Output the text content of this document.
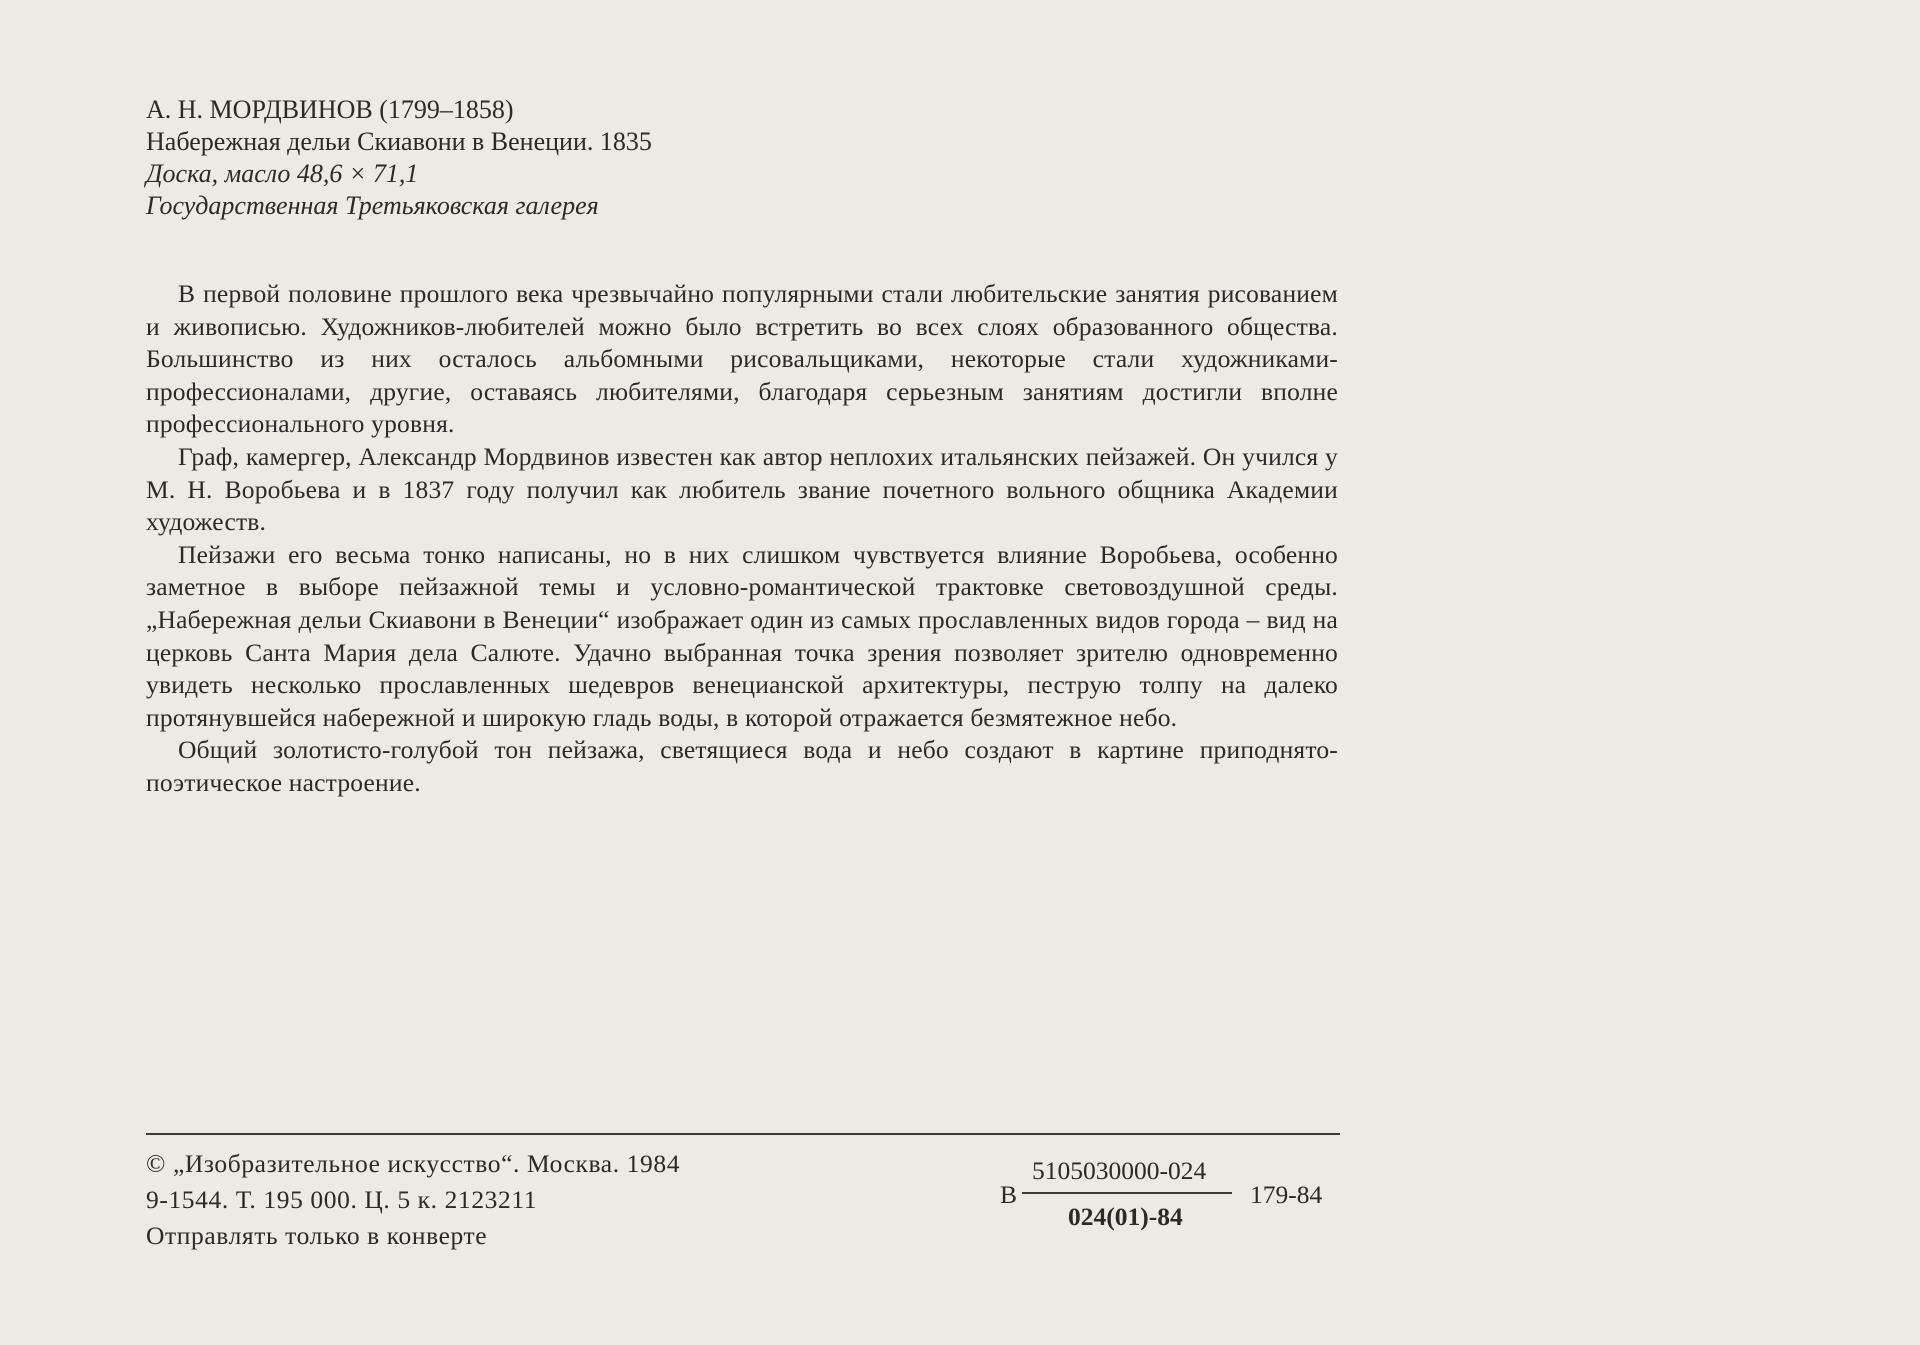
А. Н. МОРДВИНОВ (1799–1858)
Набережная дельи Скиавони в Венеции. 1835
Доска, масло 48,6 × 71,1
Государственная Третьяковская галерея

В первой половине прошлого века чрезвычайно популярными стали любительские занятия рисованием и живописью. Художников-любителей можно было встретить во всех слоях образованного общества. Большинство из них осталось альбомными рисовальщиками, некоторые стали художниками-профессионалами, другие, оставаясь любителями, благодаря серьезным занятиям достигли вполне профессионального уровня.

Граф, камергер, Александр Мордвинов известен как автор неплохих итальянских пейзажей. Он учился у М. Н. Воробьева и в 1837 году получил как любитель звание почетного вольного общника Академии художеств.

Пейзажи его весьма тонко написаны, но в них слишком чувствуется влияние Воробьева, особенно заметное в выборе пейзажной темы и условно-романтической трактовке световоздушной среды. „Набережная дельи Скиавони в Венеции“ изображает один из самых прославленных видов города – вид на церковь Санта Мария дела Салюте. Удачно выбранная точка зрения позволяет зрителю одновременно увидеть несколько прославленных шедевров венецианской архитектуры, пеструю толпу на далеко протянувшейся набережной и широкую гладь воды, в которой отражается безмятежное небо.

Общий золотисто-голубой тон пейзажа, светящиеся вода и небо создают в картине приподнято-поэтическое настроение.

© „Изобразительное искусство“. Москва. 1984
9-1544. Т. 195 000. Ц. 5 к. 2123211
Отправлять только в конверте
В
5105030000-024
024(01)-84
179-84
